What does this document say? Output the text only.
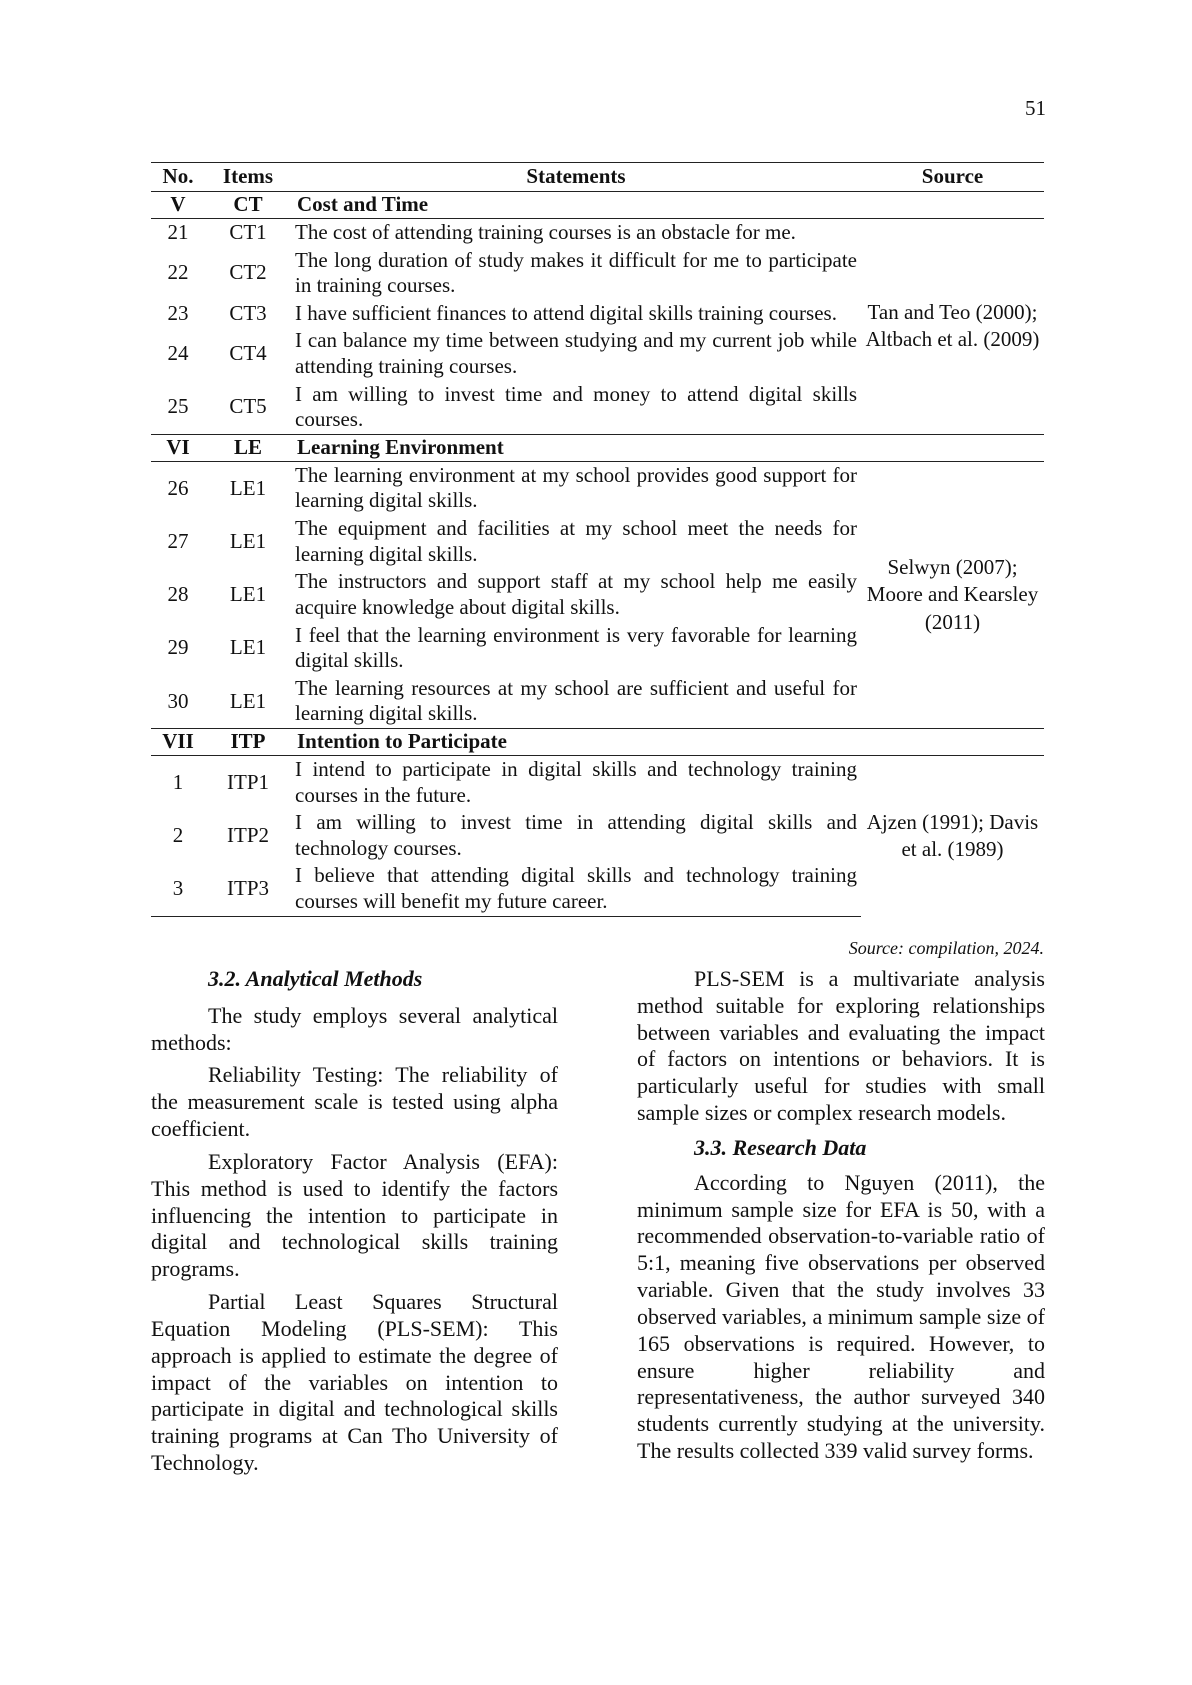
51
No.	Items	Statements	Source
V	CT	Cost and Time	
21	CT1	The cost of attending training courses is an obstacle for me.	Tan and Teo (2000); Altbach et al. (2009)
22	CT2	The long duration of study makes it difficult for me to participate in training courses.	
23	CT3	I have sufficient finances to attend digital skills training courses.	
24	CT4	I can balance my time between studying and my current job while attending training courses.	
25	CT5	I am willing to invest time and money to attend digital skills courses.	
VI	LE	Learning Environment	
26	LE1	The learning environment at my school provides good support for learning digital skills.	Selwyn (2007); Moore and Kearsley (2011)
27	LE1	The equipment and facilities at my school meet the needs for learning digital skills.	
28	LE1	The instructors and support staff at my school help me easily acquire knowledge about digital skills.	
29	LE1	I feel that the learning environment is very favorable for learning digital skills.	
30	LE1	The learning resources at my school are sufficient and useful for learning digital skills.	
VII	ITP	Intention to Participate	
1	ITP1	I intend to participate in digital skills and technology training courses in the future.	Ajzen (1991); Davis et al. (1989)
2	ITP2	I am willing to invest time in attending digital skills and technology courses.	
3	ITP3	I believe that attending digital skills and technology training courses will benefit my future career.	
Source: compilation, 2024.
3.2. Analytical Methods

The study employs several analytical methods:

Reliability Testing: The reliability of the measurement scale is tested using alpha coefficient.

Exploratory Factor Analysis (EFA): This method is used to identify the factors influencing the intention to participate in digital and technological skills training programs.

Partial Least Squares Structural Equation Modeling (PLS-SEM): This approach is applied to estimate the degree of impact of the variables on intention to participate in digital and technological skills training programs at Can Tho University of Technology.

PLS-SEM is a multivariate analysis method suitable for exploring relationships between variables and evaluating the impact of factors on intentions or behaviors. It is particularly useful for studies with small sample sizes or complex research models.

3.3. Research Data

According to Nguyen (2011), the minimum sample size for EFA is 50, with a recommended observation-to-variable ratio of 5:1, meaning five observations per observed variable. Given that the study involves 33 observed variables, a minimum sample size of 165 observations is required. However, to ensure higher reliability and representativeness, the author surveyed 340 students currently studying at the university. The results collected 339 valid survey forms.
